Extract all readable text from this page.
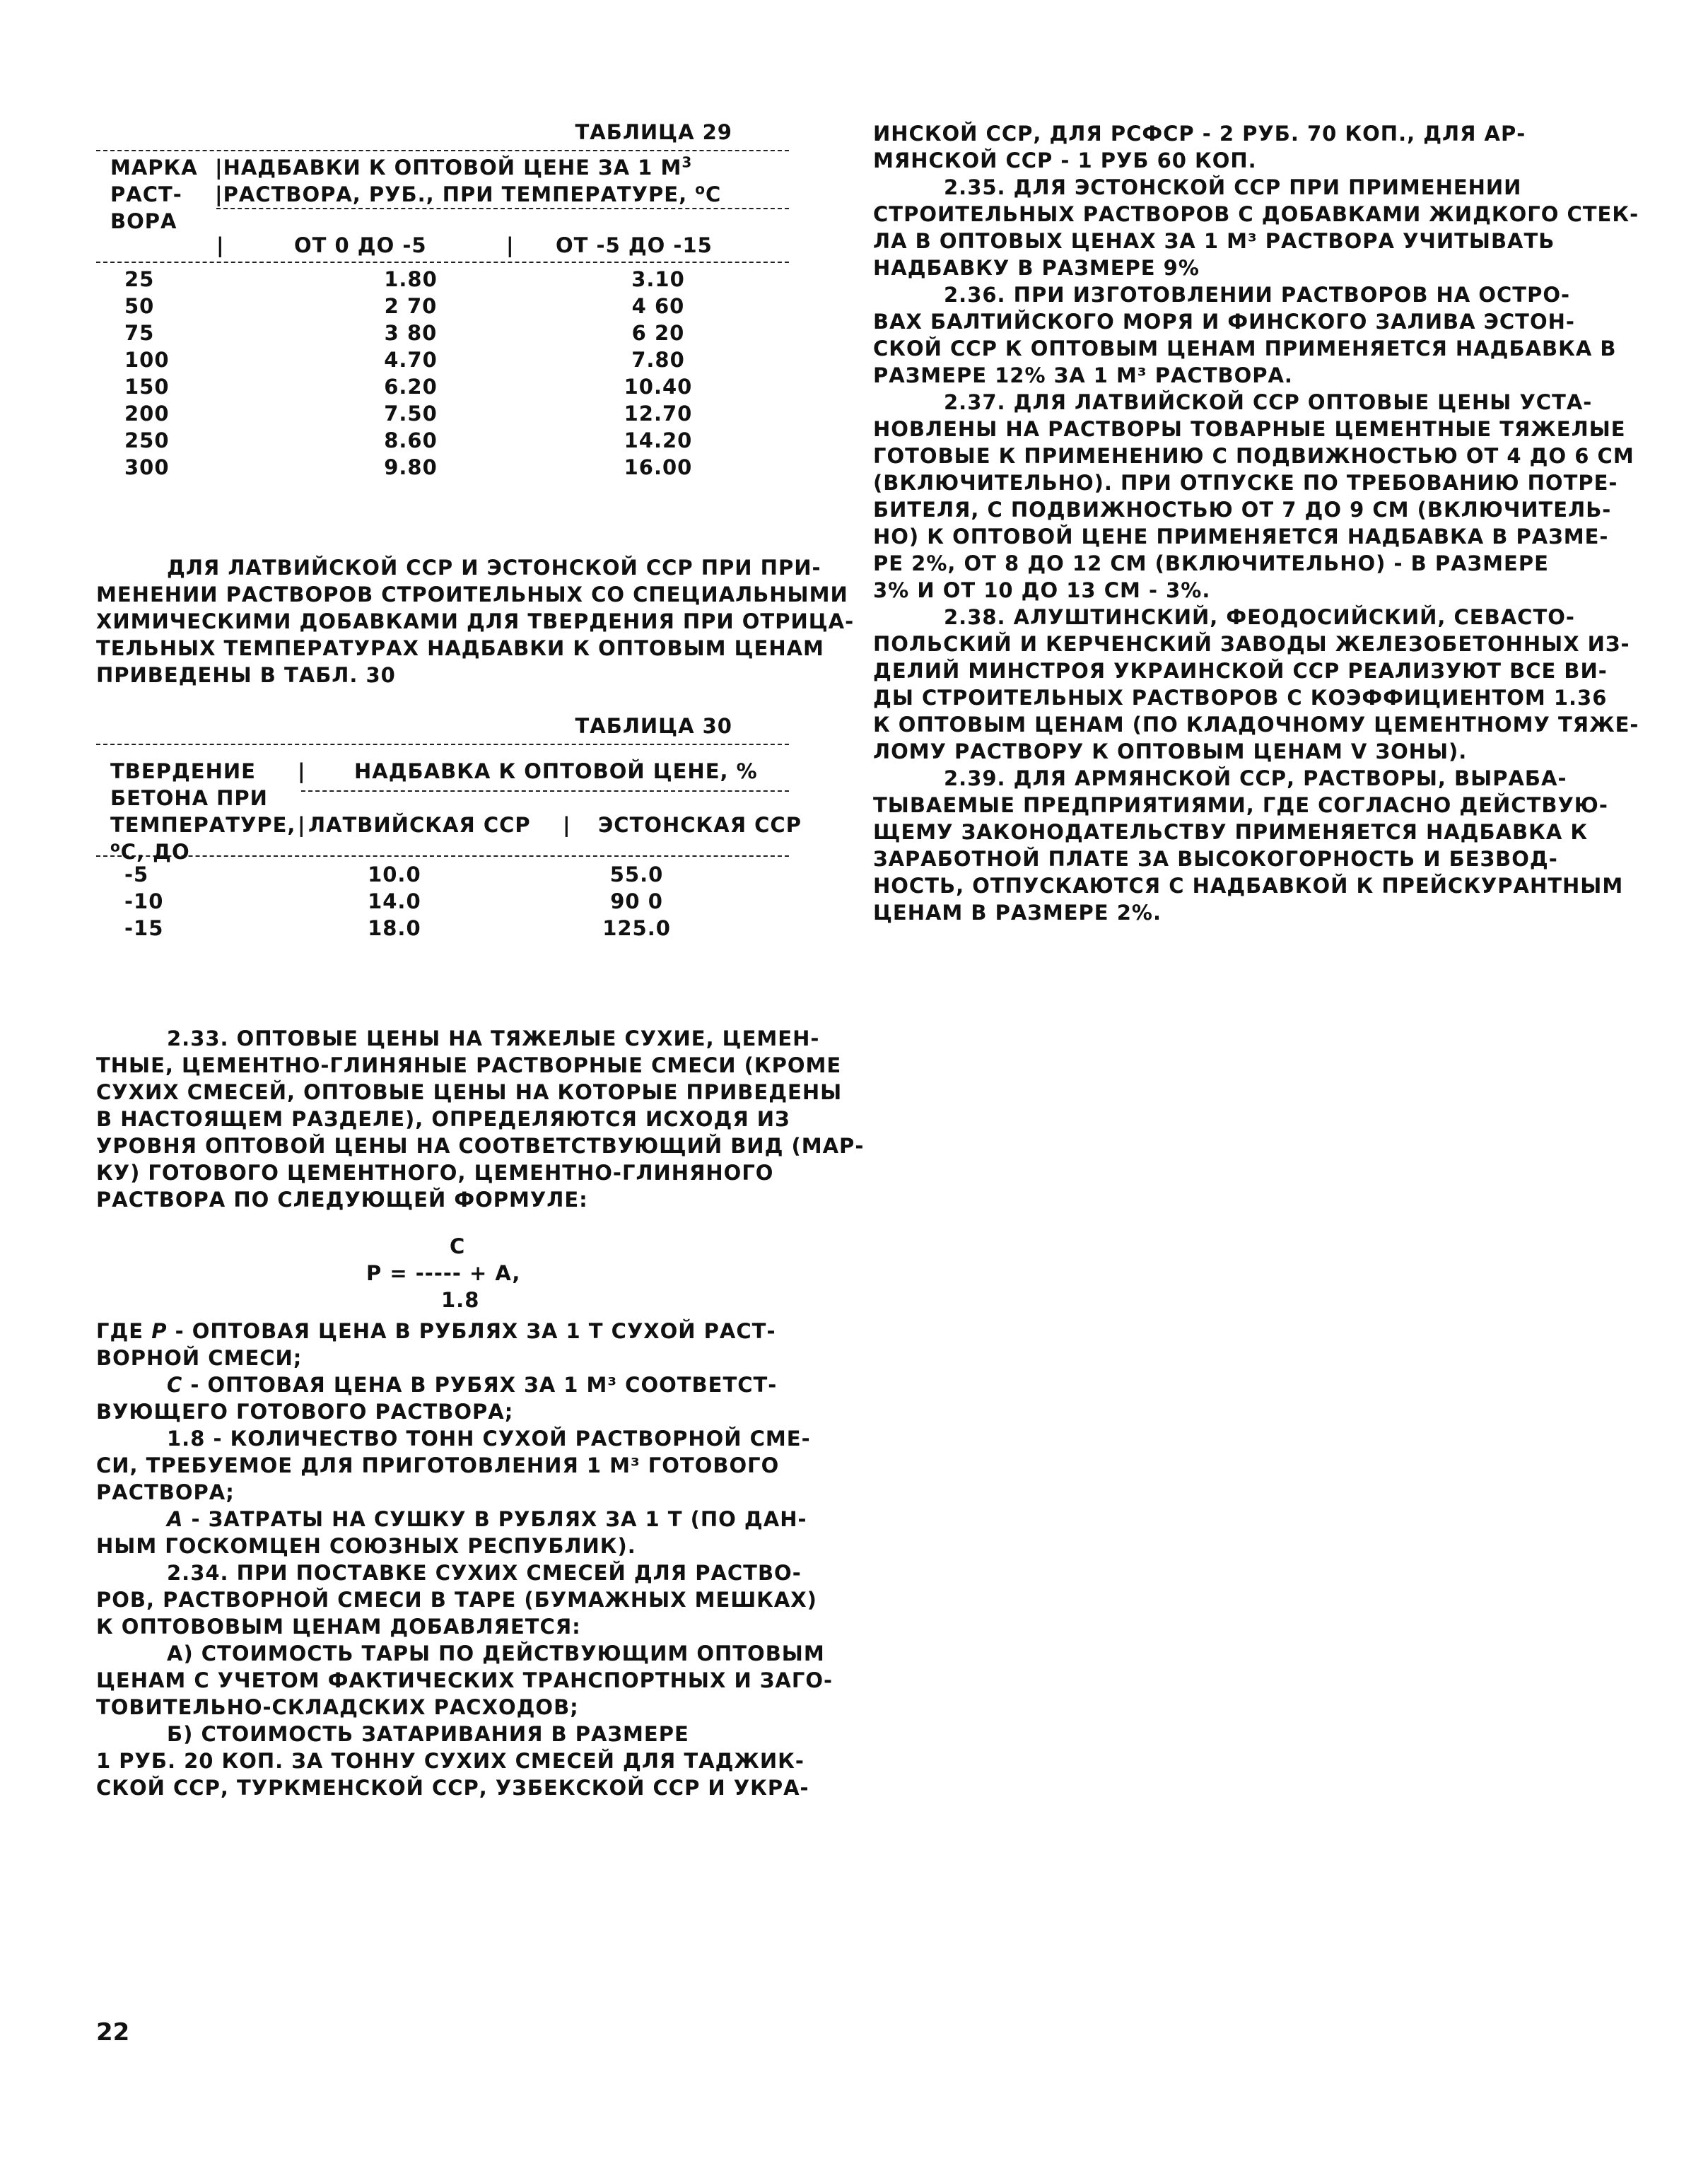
ТАБЛИЦА 29
МАРКА
РАСТ-
ВОРА
|НАДБАВКИ К ОПТОВОЙ ЦЕНЕ ЗА 1 $М^3$
|РАСТВОРА, РУБ., ПРИ ТЕМПЕРАТУРЕ, $^o$С
|	ОТ 0 ДО -5	| ОТ -5 ДО -15
25	1.80	3.10
50	2 70	4 60
75	3 80	6 20
100	4.70	7.80
150	6.20	10.40
200	7.50	12.70
250	8.60	14.20
300	9.80	16.00
ДЛЯ ЛАТВИЙСКОЙ ССР И ЭСТОНСКОЙ ССР ПРИ ПРИ-
МЕНЕНИИ РАСТВОРОВ СТРОИТЕЛЬНЫХ СО СПЕЦИАЛЬНЫМИ
ХИМИЧЕСКИМИ ДОБАВКАМИ ДЛЯ ТВЕРДЕНИЯ ПРИ ОТРИЦА-
ТЕЛЬНЫХ ТЕМПЕРАТУРАХ НАДБАВКИ К ОПТОВЫМ ЦЕНАМ
ПРИВЕДЕНЫ В ТАБЛ. 30
ТАБЛИЦА 30
ТВЕРДЕНИЕ
БЕТОНА ПРИ
ТЕМПЕРАТУРЕ,
$^o$С, ДО
| НАДБАВКА К ОПТОВОЙ ЦЕНЕ, %
| ЛАТВИЙСКАЯ ССР | ЭСТОНСКАЯ ССР
-5	10.0	55.0
-10	14.0	90 0
-15	18.0	125.0
2.33. ОПТОВЫЕ ЦЕНЫ НА ТЯЖЕЛЫЕ СУХИЕ, ЦЕМЕН-
ТНЫЕ, ЦЕМЕНТНО-ГЛИНЯНЫЕ РАСТВОРНЫЕ СМЕСИ (КРОМЕ
СУХИХ СМЕСЕЙ, ОПТОВЫЕ ЦЕНЫ НА КОТОРЫЕ ПРИВЕДЕНЫ
В НАСТОЯЩЕМ РАЗДЕЛЕ), ОПРЕДЕЛЯЮТСЯ ИСХОДЯ ИЗ
УРОВНЯ ОПТОВОЙ ЦЕНЫ НА СООТВЕТСТВУЮЩИЙ ВИД (МАР-
КУ) ГОТОВОГО ЦЕМЕНТНОГО, ЦЕМЕНТНО-ГЛИНЯНОГО
РАСТВОРА ПО СЛЕДУЮЩЕЙ ФОРМУЛЕ:
C
P = ----- + A,
1.8
ГДЕ P - ОПТОВАЯ ЦЕНА В РУБЛЯХ ЗА 1 Т СУХОЙ РАСТ-
ВОРНОЙ СМЕСИ;
C - ОПТОВАЯ ЦЕНА В РУБЯХ ЗА 1 М³ СООТВЕТСТ-
ВУЮЩЕГО ГОТОВОГО РАСТВОРА;
1.8 - КОЛИЧЕСТВО ТОНН СУХОЙ РАСТВОРНОЙ СМЕ-
СИ, ТРЕБУЕМОЕ ДЛЯ ПРИГОТОВЛЕНИЯ 1 М³ ГОТОВОГО
РАСТВОРА;
A - ЗАТРАТЫ НА СУШКУ В РУБЛЯХ ЗА 1 Т (ПО ДАН-
НЫМ ГОСКОМЦЕН СОЮЗНЫХ РЕСПУБЛИК).
2.34. ПРИ ПОСТАВКЕ СУХИХ СМЕСЕЙ ДЛЯ РАСТВО-
РОВ, РАСТВОРНОЙ СМЕСИ В ТАРЕ (БУМАЖНЫХ МЕШКАХ)
К ОПТОВОВЫМ ЦЕНАМ ДОБАВЛЯЕТСЯ:
А) СТОИМОСТЬ ТАРЫ ПО ДЕЙСТВУЮЩИМ ОПТОВЫМ
ЦЕНАМ С УЧЕТОМ ФАКТИЧЕСКИХ ТРАНСПОРТНЫХ И ЗАГО-
ТОВИТЕЛЬНО-СКЛАДСКИХ РАСХОДОВ;
Б) СТОИМОСТЬ ЗАТАРИВАНИЯ В РАЗМЕРЕ
1 РУБ. 20 КОП. ЗА ТОННУ СУХИХ СМЕСЕЙ ДЛЯ ТАДЖИК-
СКОЙ ССР, ТУРКМЕНСКОЙ ССР, УЗБЕКСКОЙ ССР И УКРА-
ИНСКОЙ ССР, ДЛЯ РСФСР - 2 РУБ. 70 КОП., ДЛЯ АР-
МЯНСКОЙ ССР - 1 РУБ 60 КОП.
2.35. ДЛЯ ЭСТОНСКОЙ ССР ПРИ ПРИМЕНЕНИИ
СТРОИТЕЛЬНЫХ РАСТВОРОВ С ДОБАВКАМИ ЖИДКОГО СТЕК-
ЛА В ОПТОВЫХ ЦЕНАХ ЗА 1 М³ РАСТВОРА УЧИТЫВАТЬ
НАДБАВКУ В РАЗМЕРЕ 9%
2.36. ПРИ ИЗГОТОВЛЕНИИ РАСТВОРОВ НА ОСТРО-
ВАХ БАЛТИЙСКОГО МОРЯ И ФИНСКОГО ЗАЛИВА ЭСТОН-
СКОЙ ССР К ОПТОВЫМ ЦЕНАМ ПРИМЕНЯЕТСЯ НАДБАВКА В
РАЗМЕРЕ 12% ЗА 1 М³ РАСТВОРА.
2.37. ДЛЯ ЛАТВИЙСКОЙ ССР ОПТОВЫЕ ЦЕНЫ УСТА-
НОВЛЕНЫ НА РАСТВОРЫ ТОВАРНЫЕ ЦЕМЕНТНЫЕ ТЯЖЕЛЫЕ
ГОТОВЫЕ К ПРИМЕНЕНИЮ С ПОДВИЖНОСТЬЮ ОТ 4 ДО 6 СМ
(ВКЛЮЧИТЕЛЬНО). ПРИ ОТПУСКЕ ПО ТРЕБОВАНИЮ ПОТРЕ-
БИТЕЛЯ, С ПОДВИЖНОСТЬЮ ОТ 7 ДО 9 СМ (ВКЛЮЧИТЕЛЬ-
НО) К ОПТОВОЙ ЦЕНЕ ПРИМЕНЯЕТСЯ НАДБАВКА В РАЗМЕ-
РЕ 2%, ОТ 8 ДО 12 СМ (ВКЛЮЧИТЕЛЬНО) - В РАЗМЕРЕ
3% И ОТ 10 ДО 13 СМ - 3%.
2.38. АЛУШТИНСКИЙ, ФЕОДОСИЙСКИЙ, СЕВАСТО-
ПОЛЬСКИЙ И КЕРЧЕНСКИЙ ЗАВОДЫ ЖЕЛЕЗОБЕТОННЫХ ИЗ-
ДЕЛИЙ МИНСТРОЯ УКРАИНСКОЙ ССР РЕАЛИЗУЮТ ВСЕ ВИ-
ДЫ СТРОИТЕЛЬНЫХ РАСТВОРОВ С КОЭФФИЦИЕНТОМ 1.36
К ОПТОВЫМ ЦЕНАМ (ПО КЛАДОЧНОМУ ЦЕМЕНТНОМУ ТЯЖЕ-
ЛОМУ РАСТВОРУ К ОПТОВЫМ ЦЕНАМ V ЗОНЫ).
2.39. ДЛЯ АРМЯНСКОЙ ССР, РАСТВОРЫ, ВЫРАБА-
ТЫВАЕМЫЕ ПРЕДПРИЯТИЯМИ, ГДЕ СОГЛАСНО ДЕЙСТВУЮ-
ЩЕМУ ЗАКОНОДАТЕЛЬСТВУ ПРИМЕНЯЕТСЯ НАДБАВКА К
ЗАРАБОТНОЙ ПЛАТЕ ЗА ВЫСОКОГОРНОСТЬ И БЕЗВОД-
НОСТЬ, ОТПУСКАЮТСЯ С НАДБАВКОЙ К ПРЕЙСКУРАНТНЫМ
ЦЕНАМ В РАЗМЕРЕ 2%.
22
